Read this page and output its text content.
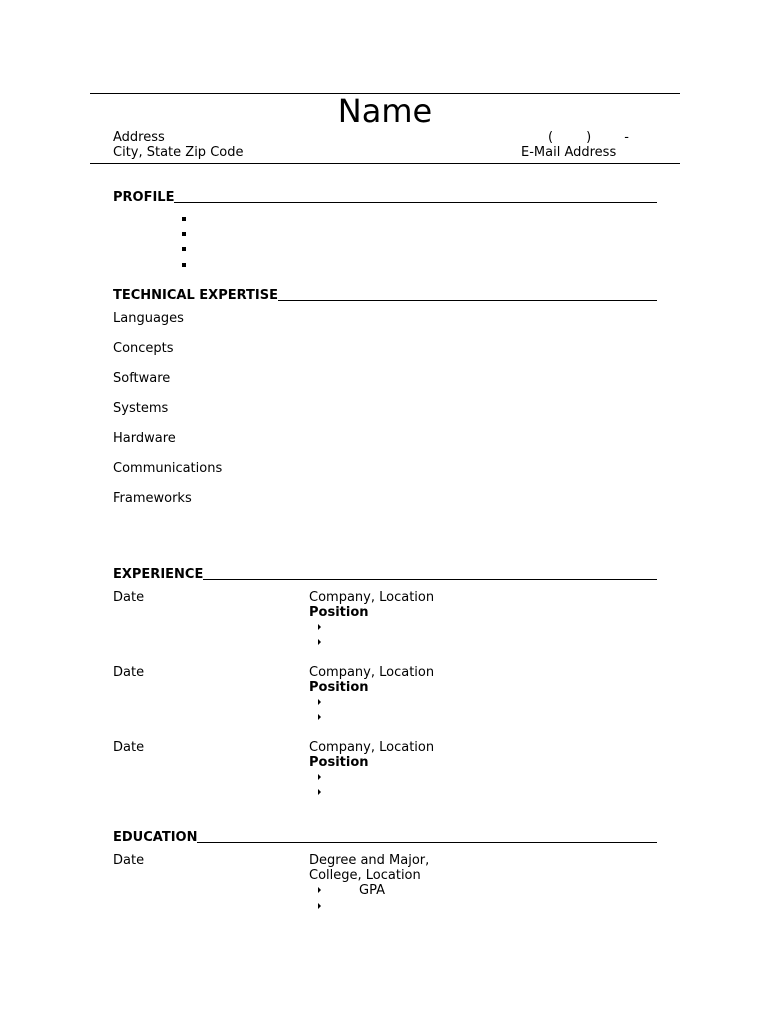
Name
Address
City, State Zip Code
(        )        -
E-Mail Address
PROFILE
TECHNICAL EXPERTISE
Languages
Concepts
Software
Systems
Hardware
Communications
Frameworks
EXPERIENCE
Date	Company, Location
Position
Date	Company, Location
Position
Date	Company, Location
Position
EDUCATION
Date	Degree and Major,
College, Location
GPA
